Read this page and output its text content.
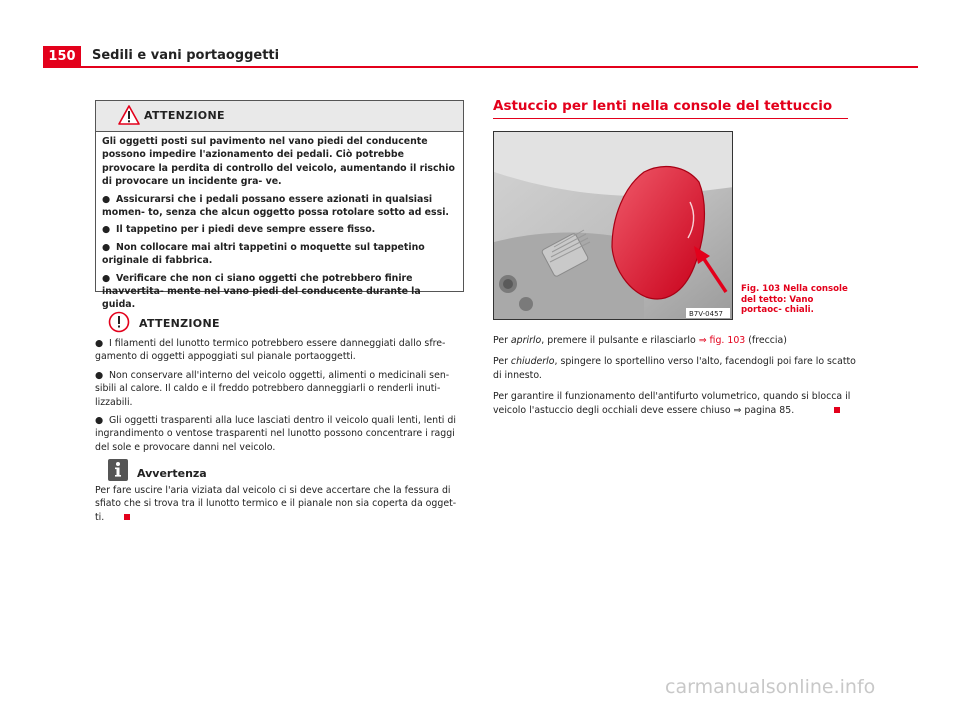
150	Sedili e vani portaoggetti
ATTENZIONE

Gli oggetti posti sul pavimento nel vano piedi del conducente possono impedire l'azionamento dei pedali. Ciò potrebbe provocare la perdita di controllo del veicolo, aumentando il rischio di provocare un incidente gra- ve.

● Assicurarsi che i pedali possano essere azionati in qualsiasi momen- to, senza che alcun oggetto possa rotolare sotto ad essi.

● Il tappetino per i piedi deve sempre essere fisso.

● Non collocare mai altri tappetini o moquette sul tappetino originale di fabbrica.

● Verificare che non ci siano oggetti che potrebbero finire inavvertita- mente nel vano piedi del conducente durante la guida.

ATTENZIONE

● I filamenti del lunotto termico potrebbero essere danneggiati dallo sfre- gamento di oggetti appoggiati sul pianale portaoggetti.

● Non conservare all'interno del veicolo oggetti, alimenti o medicinali sen- sibili al calore. Il caldo e il freddo potrebbero danneggiarli o renderli inuti- lizzabili.

● Gli oggetti trasparenti alla luce lasciati dentro il veicolo quali lenti, lenti di ingrandimento o ventose trasparenti nel lunotto possono concentrare i raggi del sole e provocare danni nel veicolo.

Avvertenza

Per fare uscire l'aria viziata dal veicolo ci si deve accertare che la fessura di sfiato che si trova tra il lunotto termico e il pianale non sia coperta da ogget- ti.

Astuccio per lenti nella console del tettuccio
B7V-0457
Fig. 103 Nella console del tetto: Vano portaoc- chiali.

Per aprirlo, premere il pulsante e rilasciarlo ⇒ fig. 103 (freccia)

Per chiuderlo, spingere lo sportellino verso l'alto, facendogli poi fare lo scatto di innesto.

Per garantire il funzionamento dell'antifurto volumetrico, quando si blocca il veicolo l'astuccio degli occhiali deve essere chiuso ⇒ pagina 85.

carmanualsonline.info
